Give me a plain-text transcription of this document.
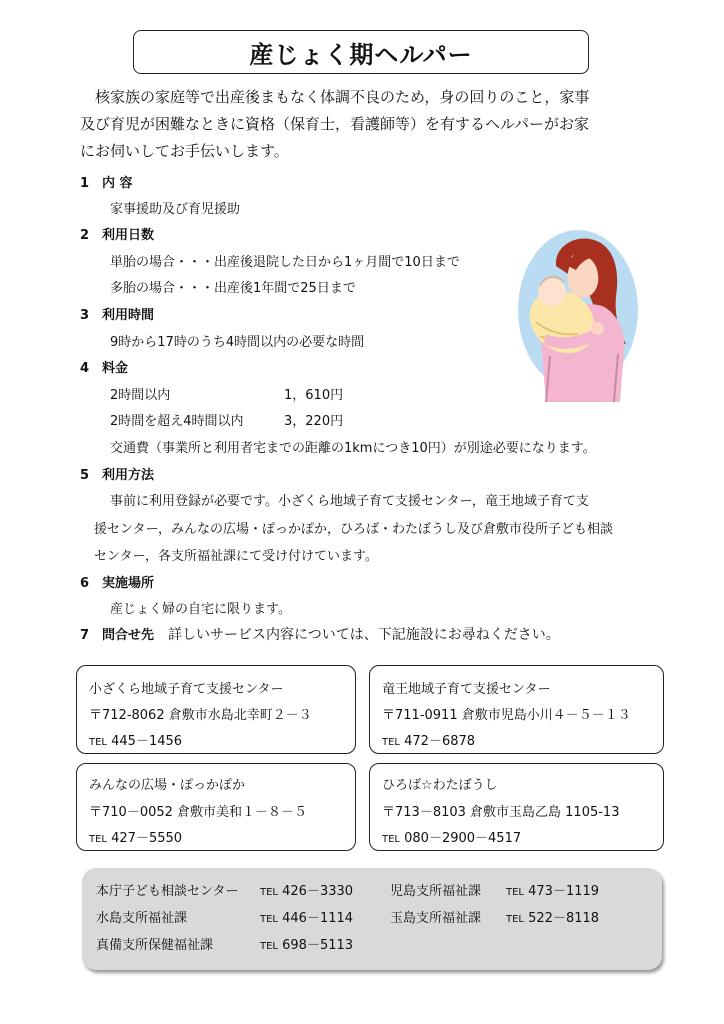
産じょく期ヘルパー
核家族の家庭等で出産後まもなく体調不良のため，身の回りのこと，家事
及び育児が困難なときに資格（保育士，看護師等）を有するヘルパーがお家
にお伺いしてお手伝いします。
1 内 容
家事援助及び育児援助
2 利用日数
単胎の場合・・・出産後退院した日から1ヶ月間で10日まで
多胎の場合・・・出産後1年間で25日まで
3 利用時間
9時から17時のうち4時間以内の必要な時間
4 料金
2時間以内	1，610円
2時間を超え4時間以内	3，220円
交通費（事業所と利用者宅までの距離の1kmにつき10円）が別途必要になります。
5 利用方法
事前に利用登録が必要です。小ざくら地域子育て支援センター，竜王地域子育て支
援センター，みんなの広場・ぽっかぽか，ひろば・わたぼうし及び倉敷市役所子ども相談
センター，各支所福祉課にて受け付けています。
6 実施場所
産じょく婦の自宅に限ります。
7 問合せ先 詳しいサービス内容については、下記施設にお尋ねください。
小ざくら地域子育て支援センター
〒712-8062 倉敷市水島北幸町２－３
TEL 445－1456
竜王地域子育て支援センター
〒711-0911 倉敷市児島小川４－５－１３
TEL 472－6878
みんなの広場・ぽっかぽか
〒710－0052 倉敷市美和１－８－５
TEL 427－5550
ひろば☆わたぼうし
〒713－8103 倉敷市玉島乙島 1105-13
TEL 080－2900－4517
本庁子ども相談センター TEL 426－3330	児島支所福祉課 TEL 473－1119
水島支所福祉課	TEL 446－1114	玉島支所福祉課 TEL 522－8118
真備支所保健福祉課	TEL 698－5113
